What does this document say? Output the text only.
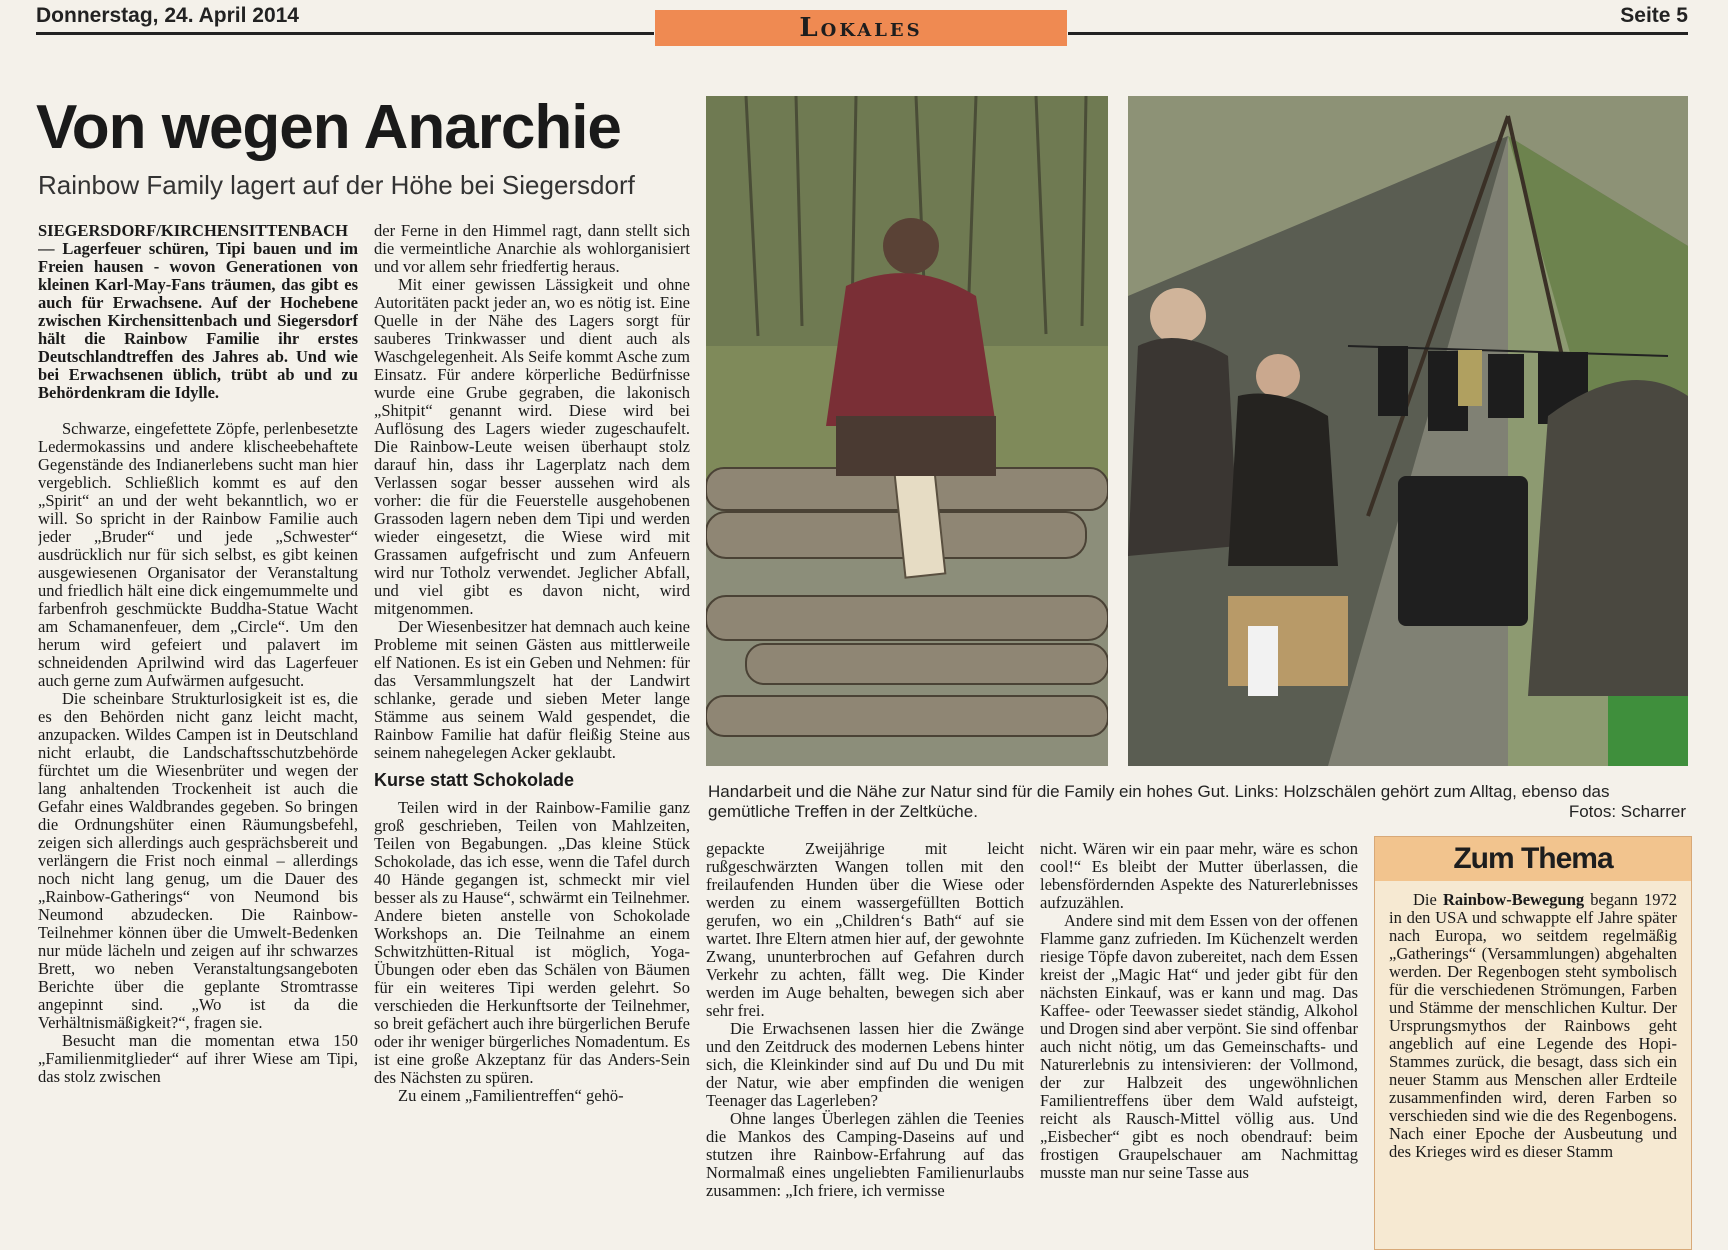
Donnerstag, 24. April 2014	Lokales	Seite 5
Von wegen Anarchie
Rainbow Family lagert auf der Höhe bei Siegersdorf

SIEGERSDORF/KIRCHENSITTENBACH — Lagerfeuer schüren, Tipi bauen und im Freien hausen - wovon Generationen von kleinen Karl-May-Fans träumen, das gibt es auch für Erwachsene. Auf der Hochebene zwischen Kirchensittenbach und Siegersdorf hält die Rainbow Familie ihr erstes Deutschlandtreffen des Jahres ab. Und wie bei Erwachsenen üblich, trübt ab und zu Behördenkram die Idylle.

Schwarze, eingefettete Zöpfe, perlenbesetzte Ledermokassins und andere klischeebehaftete Gegenstände des Indianerlebens sucht man hier vergeblich. Schließlich kommt es auf den „Spirit“ an und der weht bekanntlich, wo er will. So spricht in der Rainbow Familie auch jeder „Bruder“ und jede „Schwester“ ausdrücklich nur für sich selbst, es gibt keinen ausgewiesenen Organisator der Veranstaltung und friedlich hält eine dick eingemummelte und farbenfroh geschmückte Buddha-Statue Wacht am Schamanenfeuer, dem „Circle“. Um den herum wird gefeiert und palavert im schneidenden Aprilwind wird das Lagerfeuer auch gerne zum Aufwärmen aufgesucht.

Die scheinbare Strukturlosigkeit ist es, die es den Behörden nicht ganz leicht macht, anzupacken. Wildes Campen ist in Deutschland nicht erlaubt, die Landschaftsschutzbehörde fürchtet um die Wiesenbrüter und wegen der lang anhaltenden Trockenheit ist auch die Gefahr eines Waldbrandes gegeben. So bringen die Ordnungshüter einen Räumungsbefehl, zeigen sich allerdings auch gesprächsbereit und verlängern die Frist noch einmal – allerdings noch nicht lang genug, um die Dauer des „Rainbow-Gatherings“ von Neumond bis Neumond abzudecken. Die Rainbow-Teilnehmer können über die Umwelt-Bedenken nur müde lächeln und zeigen auf ihr schwarzes Brett, wo neben Veranstaltungsangeboten Berichte über die geplante Stromtrasse angepinnt sind. „Wo ist da die Verhältnismäßigkeit?“, fragen sie.

Besucht man die momentan etwa 150 „Familienmitglieder“ auf ihrer Wiese am Tipi, das stolz zwischen

der Ferne in den Himmel ragt, dann stellt sich die vermeintliche Anarchie als wohlorganisiert und vor allem sehr friedfertig heraus.

Mit einer gewissen Lässigkeit und ohne Autoritäten packt jeder an, wo es nötig ist. Eine Quelle in der Nähe des Lagers sorgt für sauberes Trinkwasser und dient auch als Waschgelegenheit. Als Seife kommt Asche zum Einsatz. Für andere körperliche Bedürfnisse wurde eine Grube gegraben, die lakonisch „Shitpit“ genannt wird. Diese wird bei Auflösung des Lagers wieder zugeschaufelt. Die Rainbow-Leute weisen überhaupt stolz darauf hin, dass ihr Lagerplatz nach dem Verlassen sogar besser aussehen wird als vorher: die für die Feuerstelle ausgehobenen Grassoden lagern neben dem Tipi und werden wieder eingesetzt, die Wiese wird mit Grassamen aufgefrischt und zum Anfeuern wird nur Totholz verwendet. Jeglicher Abfall, und viel gibt es davon nicht, wird mitgenommen.

Der Wiesenbesitzer hat demnach auch keine Probleme mit seinen Gästen aus mittlerweile elf Nationen. Es ist ein Geben und Nehmen: für das Versammlungszelt hat der Landwirt schlanke, gerade und sieben Meter lange Stämme aus seinem Wald gespendet, die Rainbow Familie hat dafür fleißig Steine aus seinem nahegelegen Acker geklaubt.

Kurse statt Schokolade

Teilen wird in der Rainbow-Familie ganz groß geschrieben, Teilen von Mahlzeiten, Teilen von Begabungen. „Das kleine Stück Schokolade, das ich esse, wenn die Tafel durch 40 Hände gegangen ist, schmeckt mir viel besser als zu Hause“, schwärmt ein Teilnehmer. Andere bieten anstelle von Schokolade Workshops an. Die Teilnahme an einem Schwitzhütten-Ritual ist möglich, Yoga-Übungen oder eben das Schälen von Bäumen für ein weiteres Tipi werden gelehrt. So verschieden die Herkunftsorte der Teilnehmer, so breit gefächert auch ihre bürgerlichen Berufe oder ihr weniger bürgerliches Nomadentum. Es ist eine große Akzeptanz für das Anders-Sein des Nächsten zu spüren.

Zu einem „Familientreffen“ gehö-

Handarbeit und die Nähe zur Natur sind für die Family ein hohes Gut. Links: Holzschälen gehört zum Alltag, ebenso das gemütliche Treffen in der Zeltküche.	Fotos: Scharrer

gepackte Zweijährige mit leicht rußgeschwärzten Wangen tollen mit den freilaufenden Hunden über die Wiese oder werden zu einem wassergefüllten Bottich gerufen, wo ein „Children‘s Bath“ auf sie wartet. Ihre Eltern atmen hier auf, der gewohnte Zwang, ununterbrochen auf Gefahren durch Verkehr zu achten, fällt weg. Die Kinder werden im Auge behalten, bewegen sich aber sehr frei.

Die Erwachsenen lassen hier die Zwänge und den Zeitdruck des modernen Lebens hinter sich, die Kleinkinder sind auf Du und Du mit der Natur, wie aber empfinden die wenigen Teenager das Lagerleben?

Ohne langes Überlegen zählen die Teenies die Mankos des Camping-Daseins auf und stutzen ihre Rainbow-Erfahrung auf das Normalmaß eines ungeliebten Familienurlaubs zusammen: „Ich friere, ich vermisse

nicht. Wären wir ein paar mehr, wäre es schon cool!“ Es bleibt der Mutter überlassen, die lebensfördernden Aspekte des Naturerlebnisses aufzuzählen.

Andere sind mit dem Essen von der offenen Flamme ganz zufrieden. Im Küchenzelt werden riesige Töpfe davon zubereitet, nach dem Essen kreist der „Magic Hat“ und jeder gibt für den nächsten Einkauf, was er kann und mag. Das Kaffee- oder Teewasser siedet ständig, Alkohol und Drogen sind aber verpönt. Sie sind offenbar auch nicht nötig, um das Gemeinschafts- und Naturerlebnis zu intensivieren: der Vollmond, der zur Halbzeit des ungewöhnlichen Familientreffens über dem Wald aufsteigt, reicht als Rausch-Mittel völlig aus. Und „Eisbecher“ gibt es noch obendrauf: beim frostigen Graupelschauer am Nachmittag musste man nur seine Tasse aus

Zum Thema

Die Rainbow-Bewegung begann 1972 in den USA und schwappte elf Jahre später nach Europa, wo seitdem regelmäßig „Gatherings“ (Versammlungen) abgehalten werden. Der Regenbogen steht symbolisch für die verschiedenen Strömungen, Farben und Stämme der menschlichen Kultur. Der Ursprungsmythos der Rainbows geht angeblich auf eine Legende des Hopi-Stammes zurück, die besagt, dass sich ein neuer Stamm aus Menschen aller Erdteile zusammenfinden wird, deren Farben so verschieden sind wie die des Regenbogens. Nach einer Epoche der Ausbeutung und des Krieges wird es dieser Stamm
